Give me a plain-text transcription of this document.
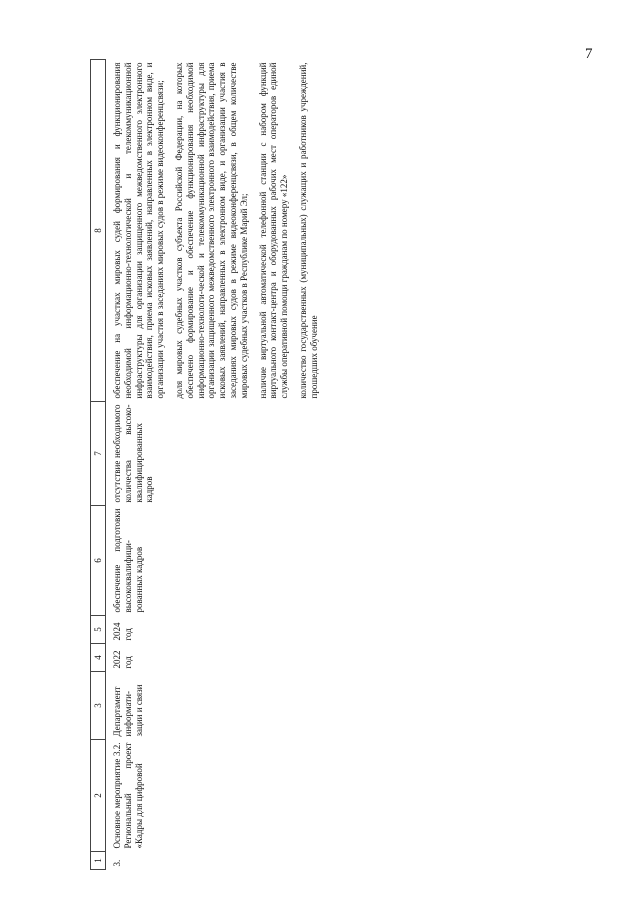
7
1	2	3	4	5	6	7	8
3.	Основное мероприятие 3.2. Региональный проект «Кадры для цифровой	Департамент информати-зации и связи	2022 год	2024 год	обеспечение подготовки высококвалифици-рованных кадров	отсутствие необходимого количества высоко-квалифицированных кадров	обеспечение на участках мировых судей формирования и функционирования необходимой информационно-технологической и телекоммуникационной инфраструктуры для организации защищенного межведомственного электронного взаимодействия, приема исковых заявлений, направленных в электронном виде, и организации участия в заседаниях мировых судов в режиме видеоконференцсвязи; доля мировых судебных участков субъекта Российской Федерации, на которых обеспечено формирование и обеспечение функционирования необходимой информационно-технологи-ческой и телекоммуникационной инфраструктуры для организации защищенного межведомственного электронного взаимодействия, приема исковых заявлений, направленных в электронном виде, и организации участия в заседаниях мировых судов в режиме видеоконференцсвязи, в общем количестве мировых судебных участков в Республике Марий Эл; наличие виртуальной автоматической телефонной станции с набором функций виртуального контакт-центра и оборудованных рабочих мест операторов единой службы оперативной помощи гражданам по номеру «122» количество государственных (муниципальных) служащих и работников учреждений, прошедших обучение
